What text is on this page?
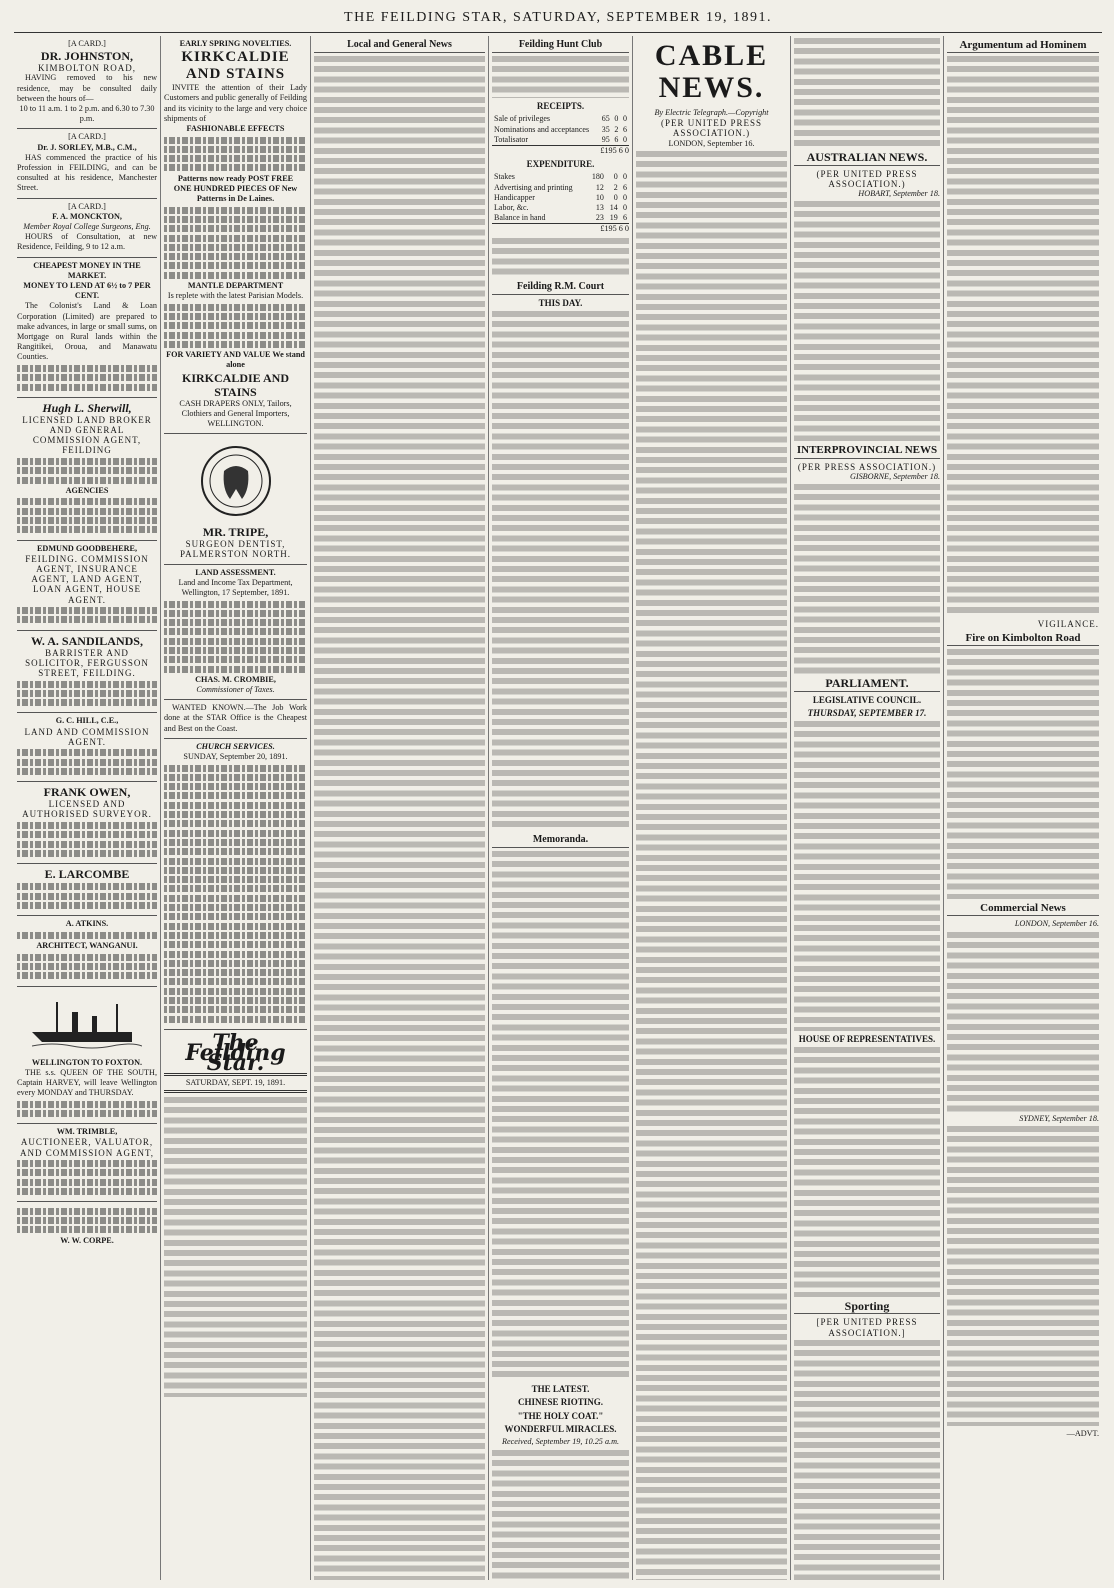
THE FEILDING STAR, SATURDAY, SEPTEMBER 19, 1891.

[A CARD.]

DR. JOHNSTON,

KIMBOLTON ROAD,

HAVING removed to his new residence, may be consulted daily between the hours of—

10 to 11 a.m. 1 to 2 p.m. and 6.30 to 7.30 p.m.

[A CARD.]

Dr. J. SORLEY, M.B., C.M.,

HAS commenced the practice of his Profession in FEILDING, and can be consulted at his residence, Manchester Street.

[A CARD.]

F. A. MONCKTON,

Member Royal College Surgeons, Eng.

HOURS of Consultation, at new Residence, Feilding, 9 to 12 a.m.

CHEAPEST MONEY IN THE MARKET.

MONEY TO LEND AT 6½ to 7 PER CENT.

The Colonist's Land & Loan Corporation (Limited) are prepared to make advances, in large or small sums, on Mortgage on Rural lands within the Rangitikei, Oroua, and Manawatu Counties.

Hugh L. Sherwill,

LICENSED LAND BROKER AND GENERAL COMMISSION AGENT, FEILDING

AGENCIES

EDMUND GOODBEHERE,

FEILDING. COMMISSION AGENT, INSURANCE AGENT, LAND AGENT, LOAN AGENT, HOUSE AGENT.

W. A. SANDILANDS,

BARRISTER AND SOLICITOR, FERGUSSON STREET, FEILDING.

G. C. HILL, C.E.,

LAND AND COMMISSION AGENT.

FRANK OWEN,

LICENSED AND AUTHORISED SURVEYOR.

E. LARCOMBE

A. ATKINS.

ARCHITECT, WANGANUI.

WELLINGTON TO FOXTON.

THE s.s. QUEEN OF THE SOUTH, Captain HARVEY, will leave Wellington every MONDAY and THURSDAY.

WM. TRIMBLE,

AUCTIONEER, VALUATOR, AND COMMISSION AGENT,

W. W. CORPE.

EARLY SPRING NOVELTIES.

KIRKCALDIE AND STAINS

INVITE the attention of their Lady Customers and public generally of Feilding and its vicinity to the large and very choice shipments of

FASHIONABLE EFFECTS

Patterns now ready POST FREE

ONE HUNDRED PIECES OF New Patterns in De Laines.

MANTLE DEPARTMENT

Is replete with the latest Parisian Models.

FOR VARIETY AND VALUE We stand alone

KIRKCALDIE AND STAINS

CASH DRAPERS ONLY, Tailors, Clothiers and General Importers, WELLINGTON.

MR. TRIPE,

SURGEON DENTIST, PALMERSTON NORTH.

LAND ASSESSMENT.

Land and Income Tax Department, Wellington, 17 September, 1891.

CHAS. M. CROMBIE,

Commissioner of Taxes.

WANTED KNOWN.—The Job Work done at the STAR Office is the Cheapest and Best on the Coast.

CHURCH SERVICES.

SUNDAY, September 20, 1891.

The Feilding Star.
SATURDAY, SEPT. 19, 1891.
Local and General News	Feilding Hunt Club
RECEIPTS.
Sale of privileges	65	0	0
Nominations and acceptances	35	2	6
Totalisator	95	6	0
£195 6 0
EXPENDITURE.
Stakes	180	0	0
Advertising and printing	12	2	6
Handicapper	10	0	0
Labor, &c.	13	14	0
Balance in hand	23	19	6
£195 6 0
Feilding R.M. Court
THIS DAY.
Memoranda.
THE LATEST.
CHINESE RIOTING.
"THE HOLY COAT."
WONDERFUL MIRACLES.
Received, September 19, 10.25 a.m.
CABLE NEWS.
By Electric Telegraph.—Copyright
(PER UNITED PRESS ASSOCIATION.)
LONDON, September 16.
AUSTRALIAN NEWS.
(PER UNITED PRESS ASSOCIATION.)
HOBART, September 18.
INTERPROVINCIAL NEWS
(PER PRESS ASSOCIATION.)
GISBORNE, September 18.
PARLIAMENT.
LEGISLATIVE COUNCIL.
THURSDAY, SEPTEMBER 17.
HOUSE OF REPRESENTATIVES.
Sporting
[PER UNITED PRESS ASSOCIATION.]
Argumentum ad Hominem
VIGILANCE.
Fire on Kimbolton Road
Commercial News
LONDON, September 16.
SYDNEY, September 18.
—ADVT.
